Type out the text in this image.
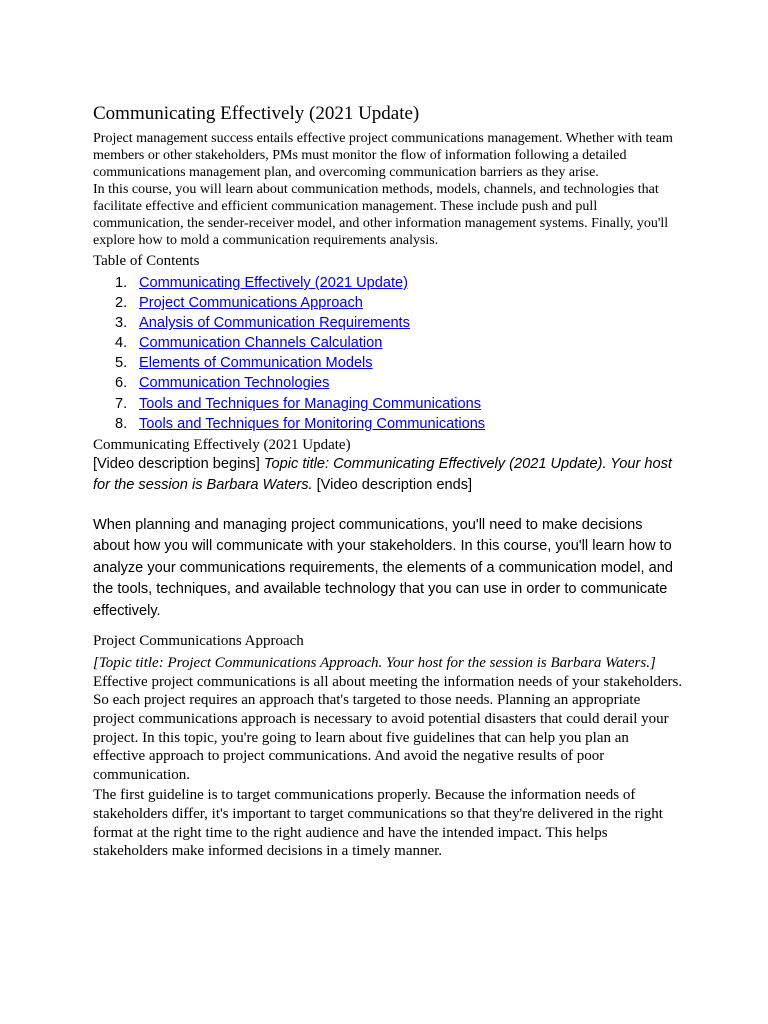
Communicating Effectively (2021 Update)

Project management success entails effective project communications management. Whether with team members or other stakeholders, PMs must monitor the flow of information following a detailed communications management plan, and overcoming communication barriers as they arise.

In this course, you will learn about communication methods, models, channels, and technologies that facilitate effective and efficient communication management. These include push and pull communication, the sender-receiver model, and other information management systems. Finally, you'll explore how to mold a communication requirements analysis.

Table of Contents

1. Communicating Effectively (2021 Update)
2. Project Communications Approach
3. Analysis of Communication Requirements
4. Communication Channels Calculation
5. Elements of Communication Models
6. Communication Technologies
7. Tools and Techniques for Managing Communications
8. Tools and Techniques for Monitoring Communications

Communicating Effectively (2021 Update)

[Video description begins] Topic title: Communicating Effectively (2021 Update). Your host for the session is Barbara Waters. [Video description ends]

When planning and managing project communications, you'll need to make decisions about how you will communicate with your stakeholders. In this course, you'll learn how to analyze your communications requirements, the elements of a communication model, and the tools, techniques, and available technology that you can use in order to communicate effectively.

Project Communications Approach

[Topic title: Project Communications Approach. Your host for the session is Barbara Waters.] Effective project communications is all about meeting the information needs of your stakeholders. So each project requires an approach that's targeted to those needs. Planning an appropriate project communications approach is necessary to avoid potential disasters that could derail your project. In this topic, you're going to learn about five guidelines that can help you plan an effective approach to project communications. And avoid the negative results of poor communication.

The first guideline is to target communications properly. Because the information needs of stakeholders differ, it's important to target communications so that they're delivered in the right format at the right time to the right audience and have the intended impact. This helps stakeholders make informed decisions in a timely manner.
